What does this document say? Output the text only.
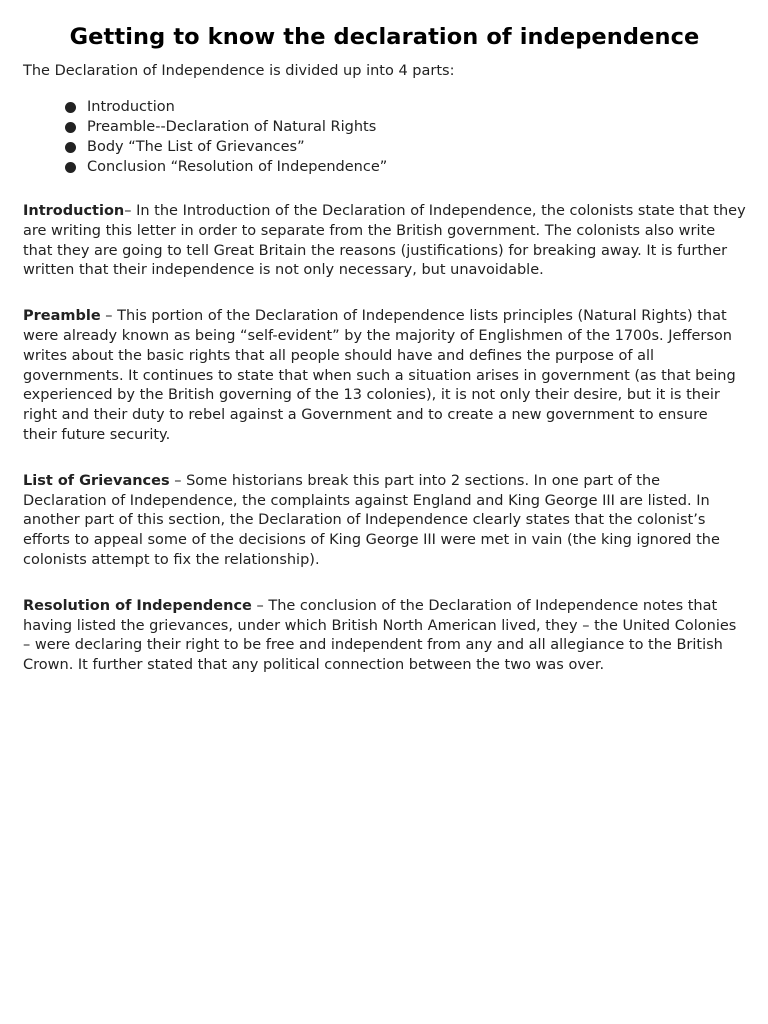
Getting to know the declaration of independence

The Declaration of Independence is divided up into 4 parts:

Introduction
Preamble--Declaration of Natural Rights
Body “The List of Grievances”
Conclusion “Resolution of Independence”

Introduction– In the Introduction of the Declaration of Independence, the colonists state that they are writing this letter in order to separate from the British government. The colonists also write that they are going to tell Great Britain the reasons (justifications) for breaking away. It is further written that their independence is not only necessary, but unavoidable.

Preamble – This portion of the Declaration of Independence lists principles (Natural Rights) that were already known as being “self-evident” by the majority of Englishmen of the 1700s. Jefferson writes about the basic rights that all people should have and defines the purpose of all governments. It continues to state that when such a situation arises in government (as that being experienced by the British governing of the 13 colonies), it is not only their desire, but it is their right and their duty to rebel against a Government and to create a new government to ensure their future security.

List of Grievances – Some historians break this part into 2 sections. In one part of the Declaration of Independence, the complaints against England and King George III are listed. In another part of this section, the Declaration of Independence clearly states that the colonist’s efforts to appeal some of the decisions of King George III were met in vain (the king ignored the colonists attempt to fix the relationship).

Resolution of Independence – The conclusion of the Declaration of Independence notes that having listed the grievances, under which British North American lived, they – the United Colonies – were declaring their right to be free and independent from any and all allegiance to the British Crown. It further stated that any political connection between the two was over.
